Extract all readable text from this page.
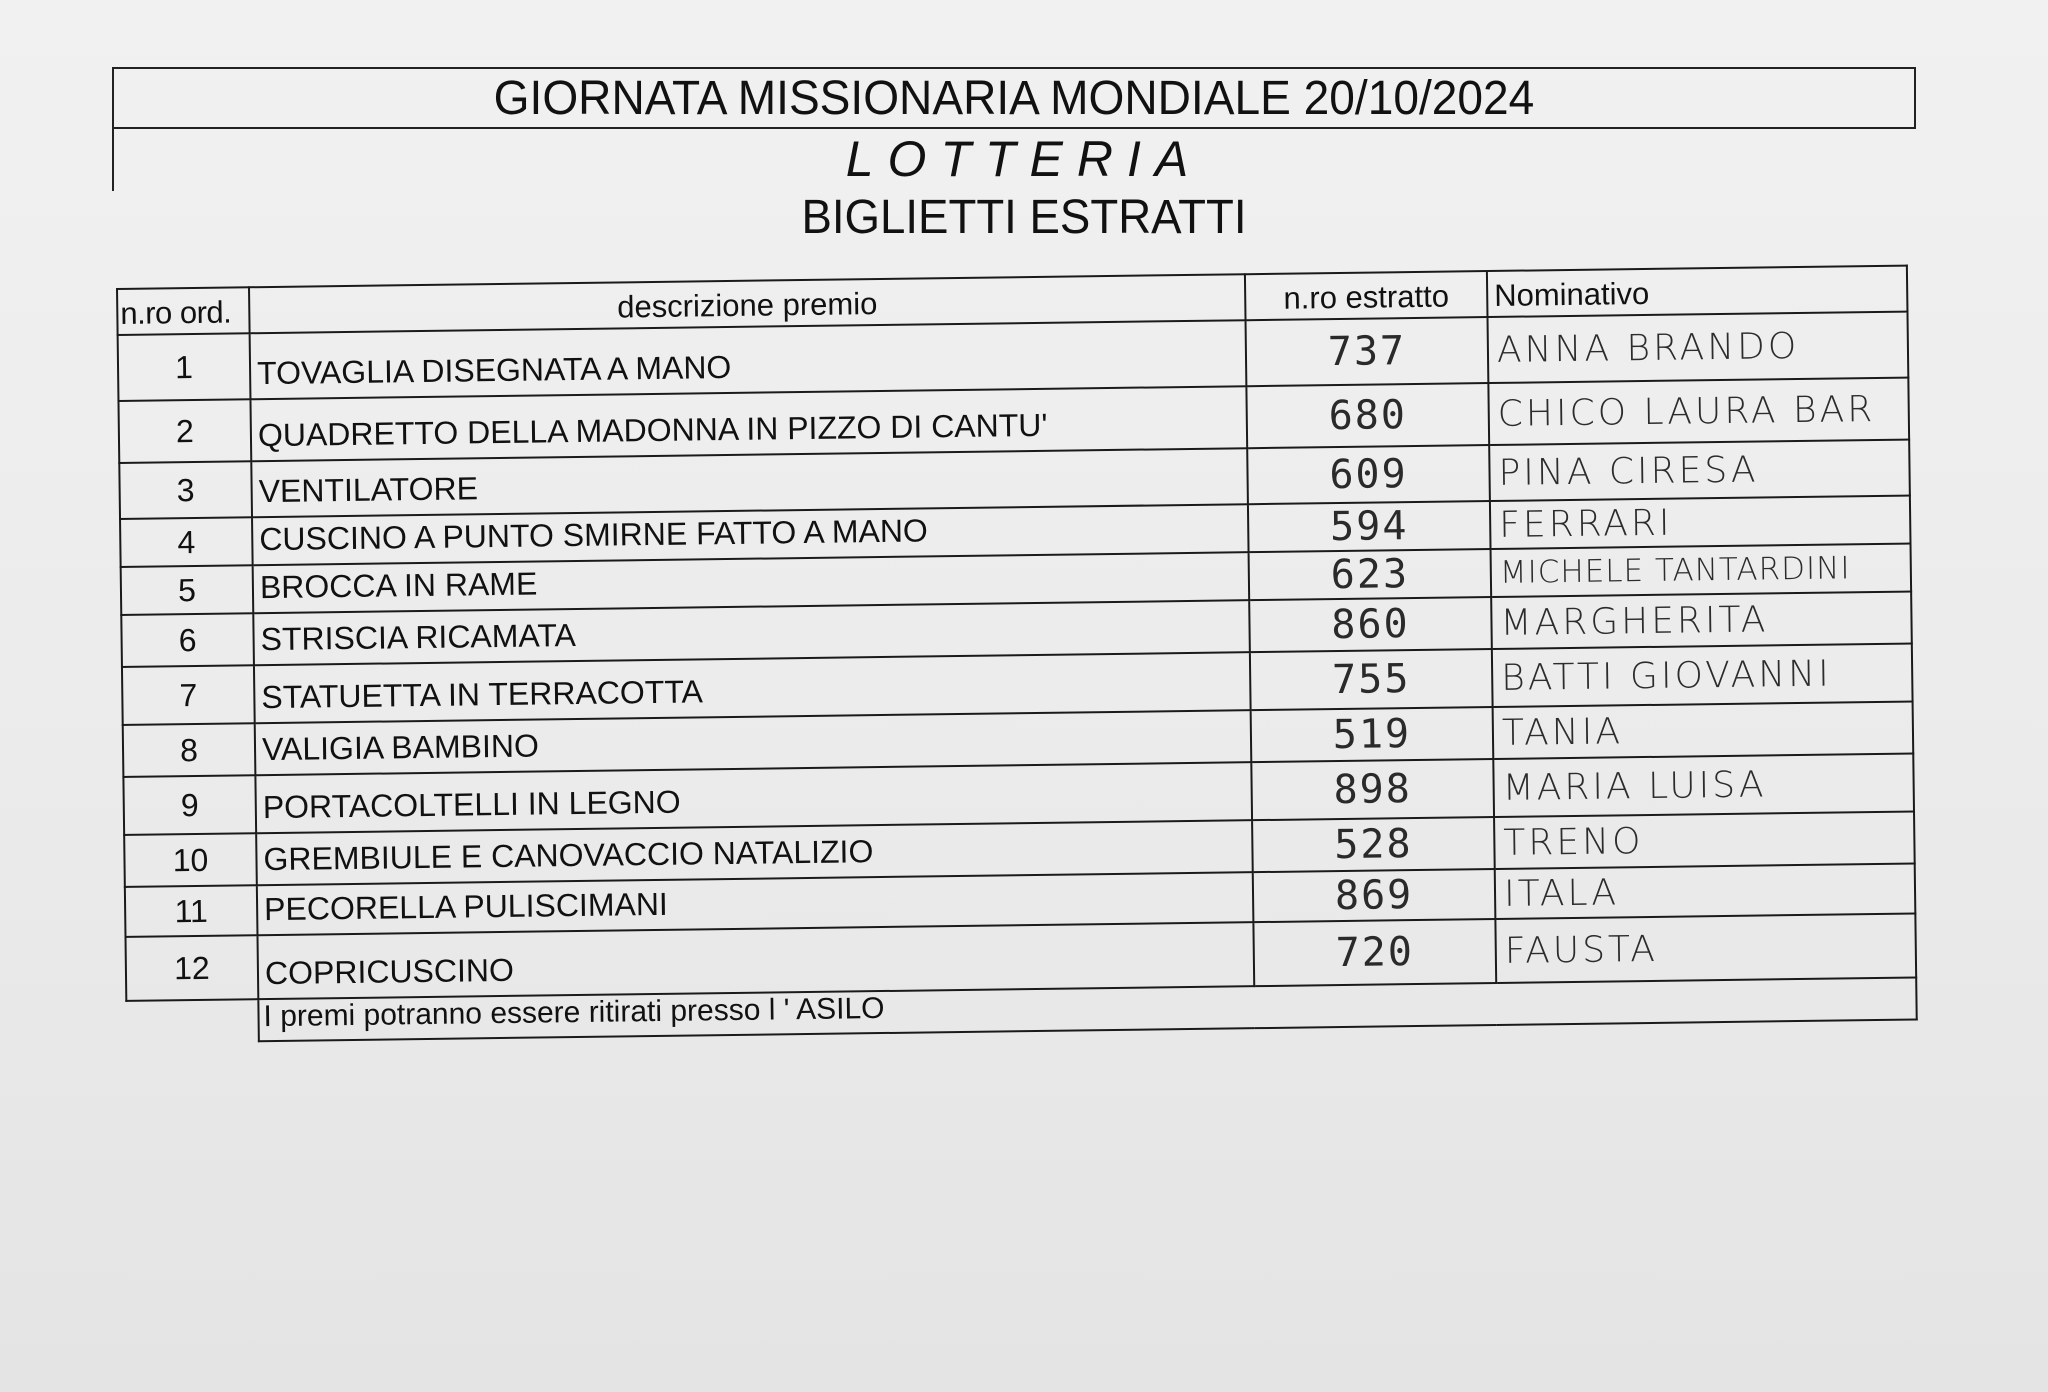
GIORNATA MISSIONARIA MONDIALE 20/10/2024
LOTTERIA
BIGLIETTI ESTRATTI
n.ro ord.	descrizione premio	n.ro estratto	Nominativo
1	TOVAGLIA DISEGNATA A MANO	737	ANNA BRANDO
2	QUADRETTO DELLA MADONNA IN PIZZO DI CANTU'	680	CHICO LAURA BAR
3	VENTILATORE	609	PINA CIRESA
4	CUSCINO A PUNTO SMIRNE FATTO A MANO	594	FERRARI
5	BROCCA IN RAME	623	MICHELE TANTARDINI
6	STRISCIA RICAMATA	860	MARGHERITA
7	STATUETTA IN TERRACOTTA	755	BATTI GIOVANNI
8	VALIGIA BAMBINO	519	TANIA
9	PORTACOLTELLI IN LEGNO	898	MARIA LUISA
10	GREMBIULE E CANOVACCIO NATALIZIO	528	TRENO
11	PECORELLA PULISCIMANI	869	ITALA
12	COPRICUSCINO	720	FAUSTA
	I premi potranno essere ritirati presso l ' ASILO		
